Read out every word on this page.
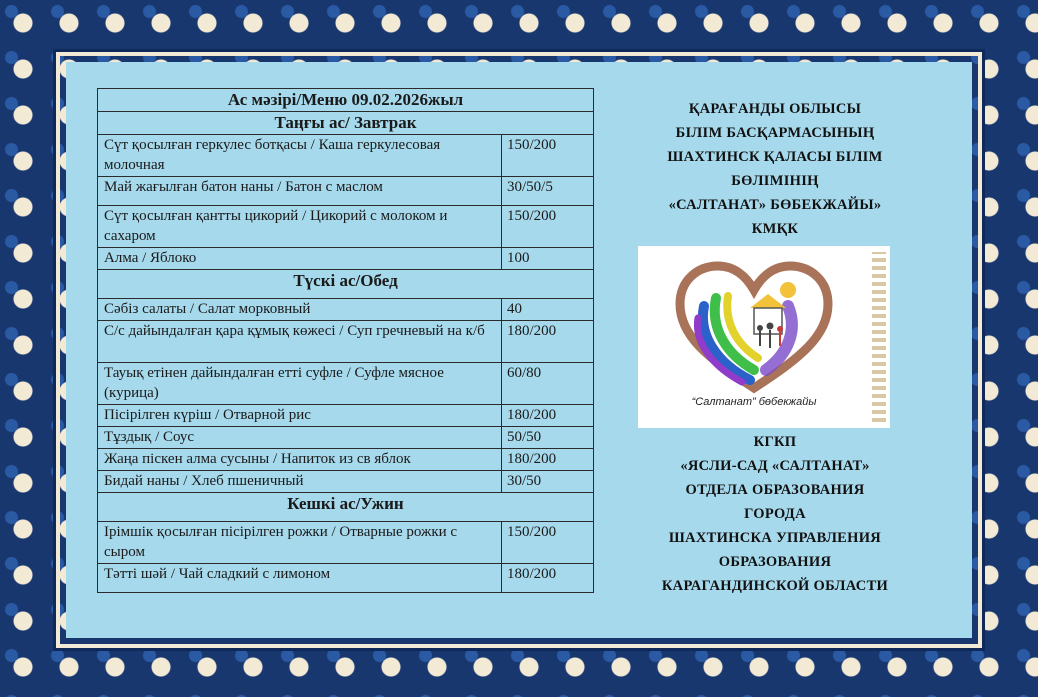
Ас мәзірі/Меню 09.02.2026жыл	
Таңғы ас/ Завтрак	
Сүт қосылған геркулес ботқасы / Каша геркулесовая молочная	150/200
Май жағылған батон наны / Батон с маслом	30/50/5
Сүт қосылған қантты цикорий / Цикорий с молоком и сахаром	150/200
Алма / Яблоко	100
Түскі ас/Обед	
Сәбіз салаты / Салат морковный	40
С/с дайындалған қара құмық көжесі / Суп гречневый на к/б	180/200
Тауық етінен дайындалған етті суфле / Суфле мясное (курица)	60/80
Пісірілген күріш / Отварной рис	180/200
Тұздық / Соус	50/50
Жаңа піскен алма сусыны / Напиток из св яблок	180/200
Бидай наны / Хлеб пшеничный	30/50
Кешкі ас/Ужин	
Ірімшік қосылған пісірілген рожки / Отварные рожки с сыром	150/200
Тәтті шәй / Чай сладкий с лимоном	180/200
ҚАРАҒАНДЫ ОБЛЫСЫ
БІЛІМ БАСҚАРМАСЫНЫҢ
ШАХТИНСК ҚАЛАСЫ БІЛІМ
БӨЛІМІНІҢ
«САЛТАНАТ» БӨБЕКЖАЙЫ»
КМҚК
“Салтанат” бөбекжайы
КГКП
«ЯСЛИ-САД «САЛТАНАТ»
ОТДЕЛА ОБРАЗОВАНИЯ
ГОРОДА
ШАХТИНСКА УПРАВЛЕНИЯ
ОБРАЗОВАНИЯ
КАРАГАНДИНСКОЙ ОБЛАСТИ
